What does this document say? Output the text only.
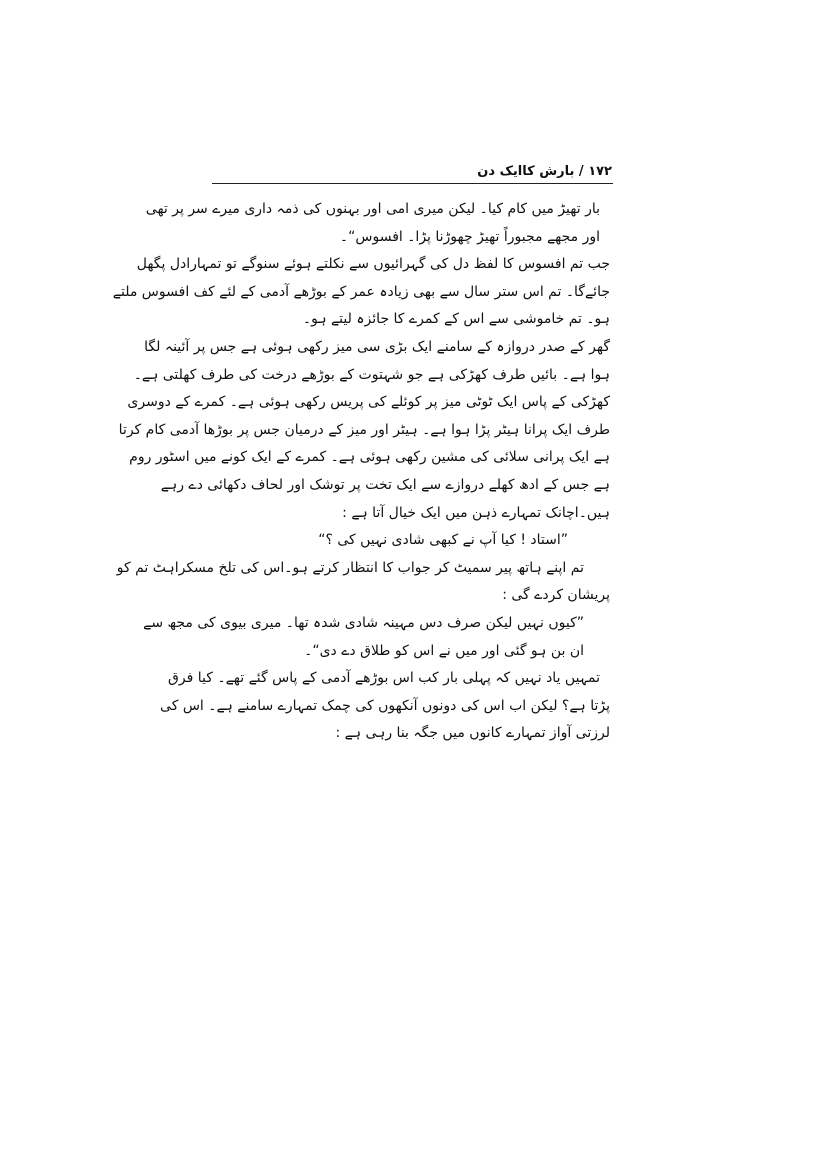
۱۷۲ / بارش کاایک دن
بار تھیڑ میں کام کیا۔ لیکن میری امی اور بہنوں کی ذمہ داری میرے سر پر تھی
اور مجھے مجبوراً تھیڑ چھوڑنا پڑا۔ افسوس“۔
جب تم افسوس کا لفظ دل کی گہرائیوں سے نکلتے ہوئے سنوگے تو تمہارادل پگھل
جائےگا۔ تم اس ستر سال سے بھی زیادہ عمر کے بوڑھے آدمی کے لئے کف افسوس ملتے
ہو۔ تم خاموشی سے اس کے کمرے کا جائزہ لیتے ہو۔
گھر کے صدر دروازہ کے سامنے ایک بڑی سی میز رکھی ہوئی ہے جس پر آئینہ لگا
ہوا ہے۔ بائیں طرف کھڑکی ہے جو شہتوت کے بوڑھے درخت کی طرف کھلتی ہے۔
کھڑکی کے پاس ایک ٹوٹی میز پر کوئلے کی پریس رکھی ہوئی ہے۔ کمرے کے دوسری
طرف ایک پرانا ہیٹر پڑا ہوا ہے۔ ہیٹر اور میز کے درمیان جس پر بوڑھا آدمی کام کرتا
ہے ایک پرانی سلائی کی مشین رکھی ہوئی ہے۔ کمرے کے ایک کونے میں اسٹور روم
ہے جس کے ادھ کھلے دروازے سے ایک تخت پر توشک اور لحاف دکھائی دے رہے
ہیں۔اچانک تمہارے ذہن میں ایک خیال آتا ہے :
”استاد ! کیا آپ نے کبھی شادی نہیں کی ؟“
تم اپنے ہاتھ پیر سمیٹ کر جواب کا انتظار کرتے ہو۔اس کی تلخ مسکراہٹ تم کو
پریشان کردے گی :
”کیوں نہیں لیکن صرف دس مہینہ شادی شدہ تھا۔ میری بیوی کی مجھ سے
ان بن ہو گئی اور میں نے اس کو طلاق دے دی“۔
تمہیں یاد نہیں کہ پہلی بار کب اس بوڑھے آدمی کے پاس گئے تھے۔ کیا فرق
پڑتا ہے؟ لیکن اب اس کی دونوں آنکھوں کی چمک تمہارے سامنے ہے۔ اس کی
لرزتی آواز تمہارے کانوں میں جگہ بنا رہی ہے :
